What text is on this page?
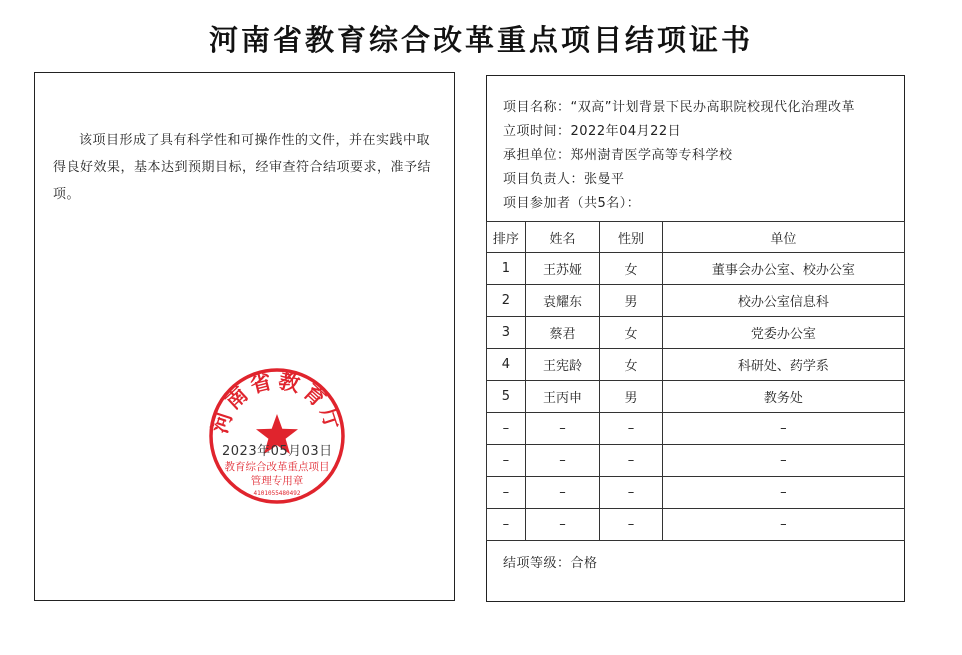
河南省教育综合改革重点项目结项证书
该项目形成了具有科学性和可操作性的文件，并在实践中取得良好效果，基本达到预期目标，经审查符合结项要求，准予结项。
河南省教育厅
教育综合改革重点项目
管理专用章
4101055480492
2023年05月03日
项目名称：“双高”计划背景下民办高职院校现代化治理改革
立项时间：2022年04月22日
承担单位：郑州澍青医学高等专科学校
项目负责人：张曼平
项目参加者（共5名）：
排序	姓名	性别	单位
1	王苏娅	女	董事会办公室、校办公室
2	袁耀东	男	校办公室信息科
3	蔡君	女	党委办公室
4	王宪龄	女	科研处、药学系
5	王丙申	男	教务处
–	–	–	–
–	–	–	–
–	–	–	–
–	–	–	–
结项等级：合格
